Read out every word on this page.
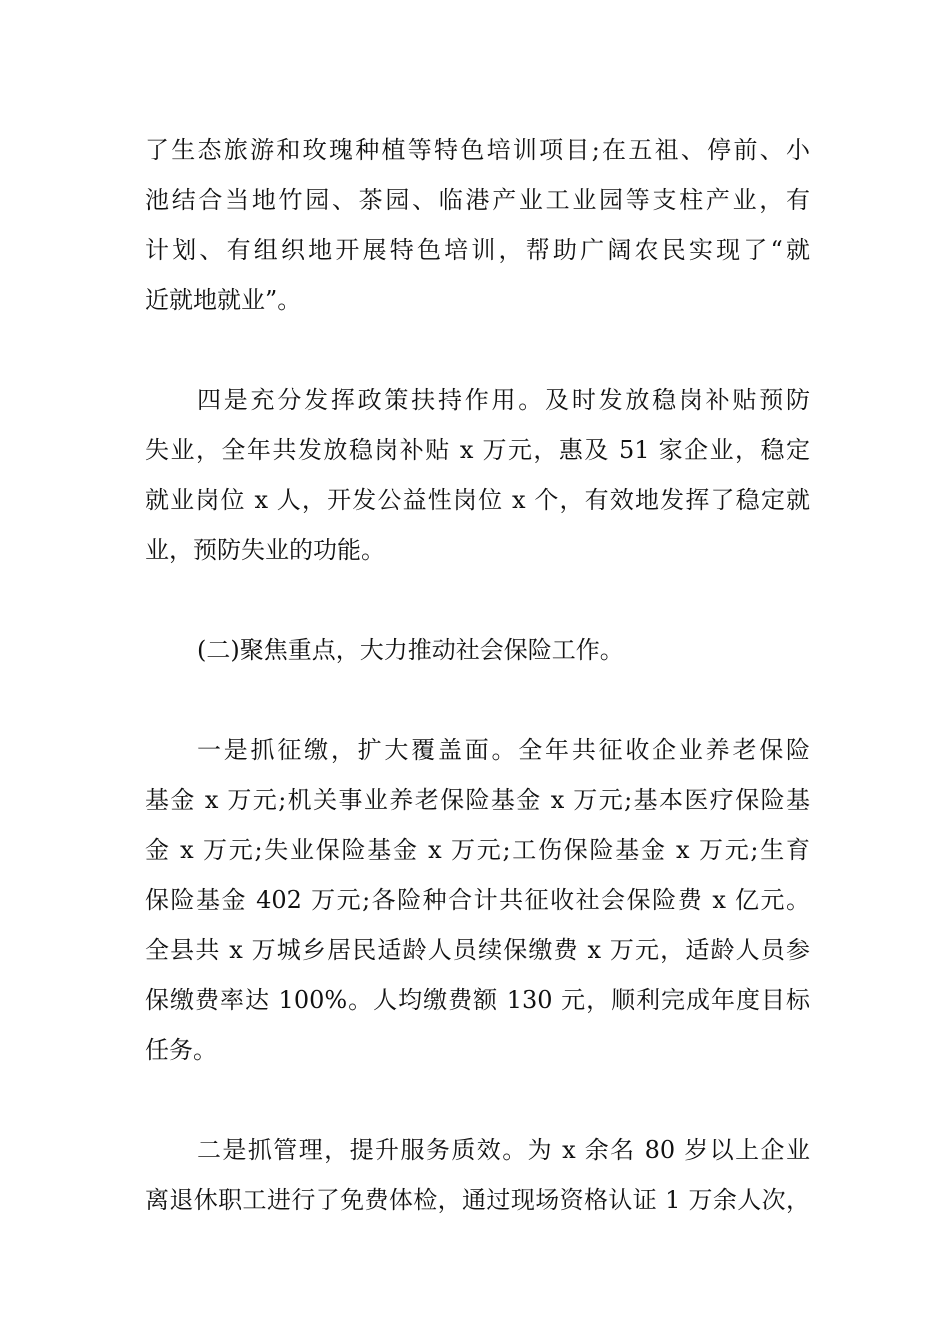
了生态旅游和玫瑰种植等特色培训项目;在五祖、停前、小
池结合当地竹园、茶园、临港产业工业园等支柱产业，有
计划、有组织地开展特色培训，帮助广阔农民实现了“就
近就地就业”。
四是充分发挥政策扶持作用。及时发放稳岗补贴预防
失业，全年共发放稳岗补贴 x 万元，惠及 51 家企业，稳定
就业岗位 x 人，开发公益性岗位 x 个，有效地发挥了稳定就
业，预防失业的功能。
(二)聚焦重点，大力推动社会保险工作。
一是抓征缴，扩大覆盖面。全年共征收企业养老保险
基金 x 万元;机关事业养老保险基金 x 万元;基本医疗保险基
金 x 万元;失业保险基金 x 万元;工伤保险基金 x 万元;生育
保险基金 402 万元;各险种合计共征收社会保险费 x 亿元。
全县共 x 万城乡居民适龄人员续保缴费 x 万元，适龄人员参
保缴费率达 100%。人均缴费额 130 元，顺利完成年度目标
任务。
二是抓管理，提升服务质效。为 x 余名 80 岁以上企业
离退休职工进行了免费体检，通过现场资格认证 1 万余人次，
